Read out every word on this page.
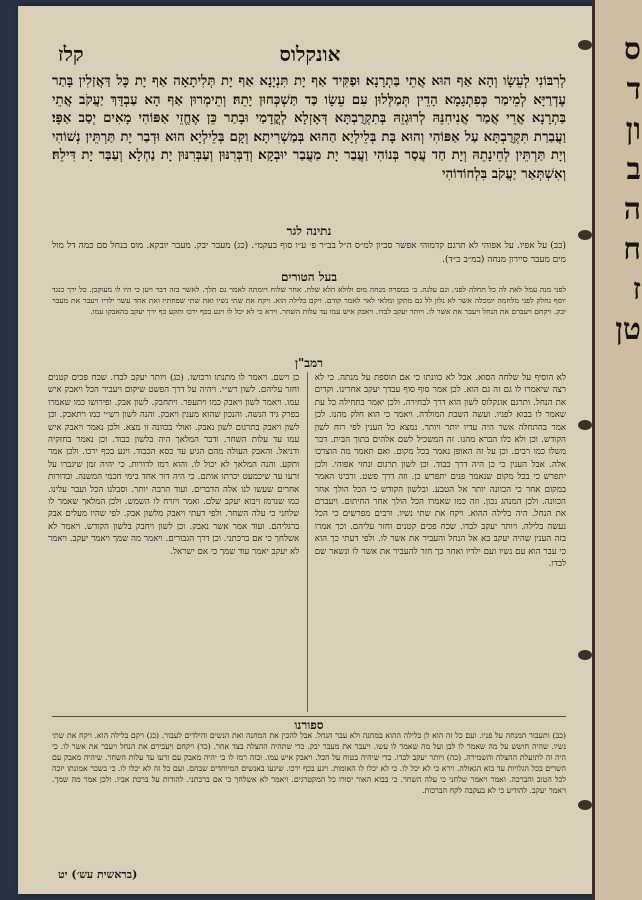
אונקלוס
קלז
לְרִבּוֹנִי לְעֵשָׂו וְהָא אַף הוּא אֲתֵי בַּתְרָנָא׃ וּפַקִּיד אַף יָת תִּנְיָנָא אַף יָת תְּלִיתָאָה אַף יָת כָּל דַּאֲזַלִין בָּתַר עֶדְרַיָּא לְמֵימַר כְּפִתְגָמָא הָדֵין תְּמַלְּלוּן עִם עֵשָׂו כַּד תַּשְׁכְּחוּן יָתֵהּ׃ וְתֵימְרוּן אַף הָא עַבְדָּךְ יַעֲקֹב אֲתֵי בַּתְרָנָא אֲרֵי אֲמַר אֲנִיחִנֵּהּ לְרוּגְזֵהּ בְּתִקְרֻבְתָּא דְּאָזְלָא לְקֳדָמַי וּבָתַר כֵּן אֶחֱזֵי אַפּוֹהִי מָאִים יְסַב אַפָּי׃ וַעֲבַרַת תִּקְרֻבְתָּא עַל אַפּוֹהִי וְהוּא בָּת בְּלֵילְיָא הַהוּא בְּמַשְׁרִיתָא׃ וְקָם בְּלֵילְיָא הוּא וּדְבַר יָת תַּרְתֵּין נְשׁוֹהִי וְיָת תַּרְתֵּין לְחֵינָתֵהּ וְיָת חַד עֲסַר בְּנוֹהִי וַעֲבַר יָת מַעֲבַר יוּבְקָא׃ וְדַבְּרִנּוּן וְעַבְּרִנּוּן יָת נַחְלָא וְעַבַּר יָת דִּילֵהּ׃ וְאִשְׁתְּאַר יַעֲקֹב בִּלְחוֹדוֹהִי
נתינה לגר
(כב) על אפיו. על אפוהי לא תרגם קדמוהי אפשר סביון למ״ס ה״ל בב״ר פ׳ ע״ו סוף בעקמ״. (כג) מעבר יבק. מעבר יובקא. מוס בנחל סם כמה דל מול מים מעבר סיירון מנחה (במ״ב כ״ד).
בעל הטורים
לפני מנה עמל לאת לה כל תחלה לפני. וגם עלנה. ב׳ במסרה מנחה מוס ולולא הלא שלח. אחר שלוח ויומתה לאמר גם תלך. לאשר בזה דבר ויען כי היו לו מעוקבן. כל ירך כנגד יוסף נחלק לפני מלחמה יומכלה אשר לא נלון לל גם מתקן ומלאי לאר לאמר קודם. ויקם בלילה הוא. ויקח את שתי נשיו ואת שתי שפחתיו ואת אחד עשר ילדיו ויעבר את מעבר יבק. ויקחם ויעברם את הנחל ויעבר את אשר לו. ויותר יעקב לבדו. ויאבק איש עמו עד עלות השחר. וירא כי לא יכל לו ויגע בכף ירכו ותקע כף ירך יעקב בהאבקו עמו.
רמב"ן
לא הוסיף על שלחה הסוא. אבל לא כוונתו כי אם תוספת על מנתה. כי לא רצה שיאמרו לו גם זה גם הוא. לכן אמר סוף סוף עבדך יעקב אחרינו. וקדים את הנחל. ותרגם אונקלוס לשון הוא דרך לבחירה. ולכן יאמר בתחילה כל עת שאמר לו בבוא לפניו. ועשה השבת המולדה. ויאמר כי הוא חלק מהנו. לכן אמר בהתחלה אשר היה עדיו יותר ויותר. נמצא כל הענין לפי רוח לשון הקודש. וכן ולא כלו הברא מהנו. זה המשכיל לשם אלהים בתוך הבית. דבר משלו כמו רבים. וכן על זה האופן נאמר בכל מקום. ואם תאמר מה הוצרכו אלה. אבל הענין כי כן היה דרך כבוד. וכן לשון תרגום ונחזי אפוהי. ולכן יתפרש כי בכל מקום שנאמר פנים יתפרש כן. וזה דרך פשט. ורבינו האמר במקום אחר כי הכוונה יותר אל הטבע. ובלשון הקודש כי הכל הולך אחר הכוונה. ולכן המנהג נכון. וזה כמו שאמרו הכל הולך אחר החיתום. ויעברם את הנחל. היה בלילה ההוא. ויקח את שתי נשיו. ורבים מפרשים כי הכל נעשה בלילה. ויותר יעקב לבדו. שכח פכים קטנים וחזר עליהם. וכך אמרו בזה הענין שהיה יעקב בא אל הנחל והעביר את אשר לו. ולפי דעתי כך הוא כי עבר הוא עם נשיו ועם ילדיו ואחר כך חזר להעביר את אשר לו ונשאר שם לבדו.
כן וישם. ויאמר לו מתנתו ורכושו. (כג) ויותר יעקב לבדו. שכח פכים קטנים וחזר עליהם. לשון רש״י. ויהיה על דרך הפשט שיקום ויעביר הכל ויאבק איש עמו. ויאמר לשון ויאבק כמו ויתעפר. ויתחבק. לשון אבק. ופירושו כמו שאמרו בפרק גיד הנשה. והנכון שהוא מענין ויאבק. והנה לשון רש״י כמו ויתאבק. וכן לשון ויאבק בתרגום לשון נאבק. ואולי בכוונה זו מצא. ולכן נאמר ויאבק איש עמו עד עלות השחר. ודבר המלאך היה בלשון כבוד. וכן נאמר בחזקיה ודניאל. והאבק העולה מהם הגיע עד כסא הכבוד. ויגע בכף ירכו. ולכן אמר ותקע. והנה המלאך לא יכול לו. והוא רמז לדורות. כי יהיה זמן שיגברו על זרעו עד שיכמעט יכרתו אותם. כי היה דור אחד בימי חכמי המשנה. ובדורות אחרים שעשו לנו אלה הדברים. ועוד הרבה יותר. וסבלנו הכל ועבר עלינו. כמו שנרמז ויבוא יעקב שלם. ואמר ויזרח לו השמש. ולכן המלאך שאמר לו שלחני כי עלה השחר. ולפי דעתי ויאבק מלשון אבק. לפי שהיו מעלים אבק ברגליהם. ועוד אמר אשר נאבק. וכן לשון ויחבק בלשון הקודש. ויאמר לא אשלחך כי אם ברכתני. וכן דרך הגבורים. ויאמר מה שמך ויאמר יעקב. ויאמר לא יעקב יאמר עוד שמך כי אם ישראל.
ספורנו
(כב) ותעבור המנחה על פניו. ועם כל זה הוא לן בלילה ההוא במחנה ולא עבר הנחל. אבל להכין את המחנה ואת הנשים והילדים לעבור. (כג) ויקם בלילה הוא. ויקח את שתי נשיו. שהיה חושש על מה שאמר לו לבן ועל מה שאמר לו עשו. ויעבר את מעבר יבק. כדי שתהיה ההצלה בצד אחר. (כד) ויקחם ויעבירם את הנחל ויעבר את אשר לו. כי היה זה לתועלת ההצלה והשמירה. (כה) ויותר יעקב לבדו. כדי שיהיה בטוח על הכל. ויאבק איש עמו. ובזה רמז לו כי יהיה מאבק עם זרעו עד עלות השחר. שיהיה מאבק עם השרים בכל הגלויות עד בוא הגאולה. וירא כי לא יכל לו. כי לא יכלו לו האומות. ויגע בכף ירכו. שיגעו באנשים המיוחדים שבהם. ועם כל זה לא יכלו לו. כי בשכר אמונתו יזכה לכל הטוב והברכה. ואמר ויאמר שלחני כי עלה השחר. כי בבוא האור יסורו כל המקטרגים. ויאמר לא אשלחך כי אם ברכתני. להודות על ברכת אביו. ולכן אמר מה שמך. ויאמר יעקב. להודיע כי לא בעקבה לקח הברכות.
(בראשית עש׳) יט
ס
ד
ון
ב
ה
ח
ז
טן
